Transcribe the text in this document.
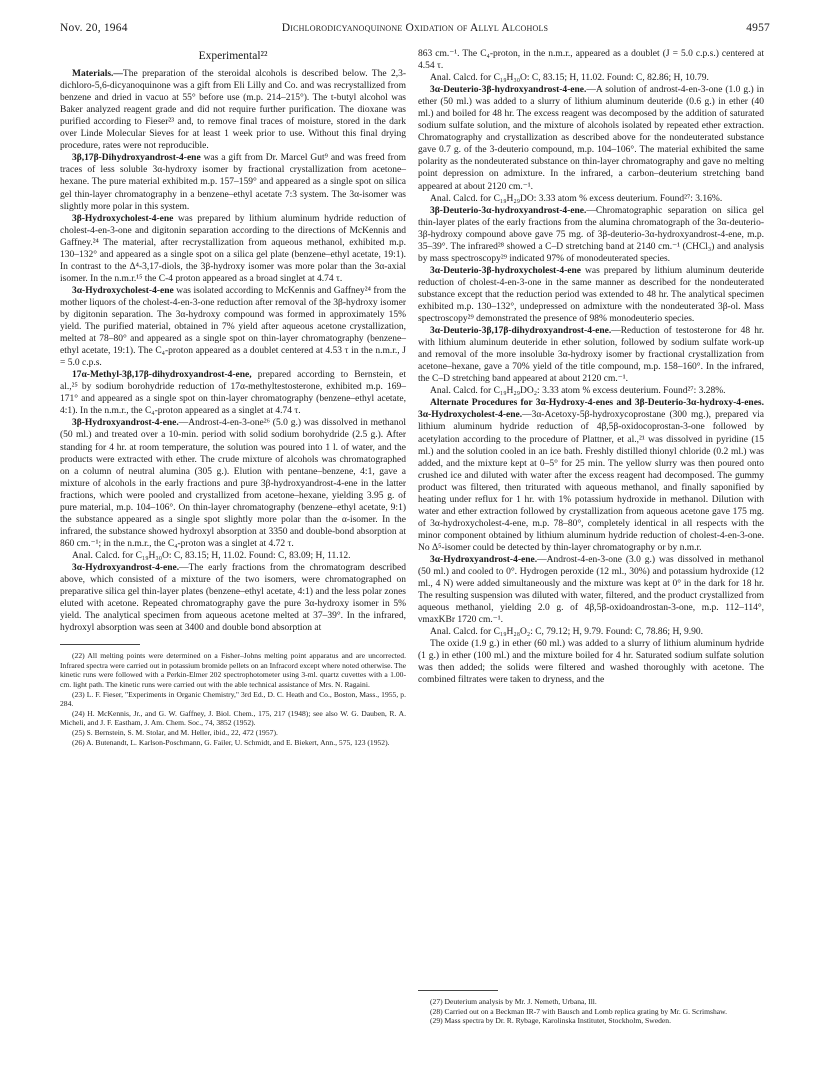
Nov. 20, 1964	Dichlorodicyanoquinone Oxidation of Allyl Alcohols	4957
Experimental²²

Materials.—The preparation of the steroidal alcohols is described below. The 2,3-dichloro-5,6-dicyanoquinone was a gift from Eli Lilly and Co. and was recrystallized from benzene and dried in vacuo at 55° before use (m.p. 214–215°). The t-butyl alcohol was Baker analyzed reagent grade and did not require further purification. The dioxane was purified according to Fieser²³ and, to remove final traces of moisture, stored in the dark over Linde Molecular Sieves for at least 1 week prior to use. Without this final drying procedure, rates were not reproducible.

3β,17β-Dihydroxyandrost-4-ene was a gift from Dr. Marcel Gut⁹ and was freed from traces of less soluble 3α-hydroxy isomer by fractional crystallization from acetone–hexane. The pure material exhibited m.p. 157–159° and appeared as a single spot on silica gel thin-layer chromatography in a benzene–ethyl acetate 7:3 system. The 3α-isomer was slightly more polar in this system.

3β-Hydroxycholest-4-ene was prepared by lithium aluminum hydride reduction of cholest-4-en-3-one and digitonin separation according to the directions of McKennis and Gaffney.²⁴ The material, after recrystallization from aqueous methanol, exhibited m.p. 130–132° and appeared as a single spot on a silica gel plate (benzene–ethyl acetate, 19:1). In contrast to the Δ⁴-3,17-diols, the 3β-hydroxy isomer was more polar than the 3α-axial isomer. In the n.m.r.¹⁵ the C-4 proton appeared as a broad singlet at 4.74 τ.

3α-Hydroxycholest-4-ene was isolated according to McKennis and Gaffney²⁴ from the mother liquors of the cholest-4-en-3-one reduction after removal of the 3β-hydroxy isomer by digitonin separation. The 3α-hydroxy compound was formed in approximately 15% yield. The purified material, obtained in 7% yield after aqueous acetone crystallization, melted at 78–80° and appeared as a single spot on thin-layer chromatography (benzene–ethyl acetate, 19:1). The C₄-proton appeared as a doublet centered at 4.53 τ in the n.m.r., J = 5.0 c.p.s.

17α-Methyl-3β,17β-dihydroxyandrost-4-ene, prepared according to Bernstein, et al.,²⁵ by sodium borohydride reduction of 17α-methyltestosterone, exhibited m.p. 169–171° and appeared as a single spot on thin-layer chromatography (benzene–ethyl acetate, 4:1). In the n.m.r., the C₄-proton appeared as a singlet at 4.74 τ.

3β-Hydroxyandrost-4-ene.—Androst-4-en-3-one²⁶ (5.0 g.) was dissolved in methanol (50 ml.) and treated over a 10-min. period with solid sodium borohydride (2.5 g.). After standing for 4 hr. at room temperature, the solution was poured into 1 l. of water, and the products were extracted with ether. The crude mixture of alcohols was chromatographed on a column of neutral alumina (305 g.). Elution with pentane–benzene, 4:1, gave a mixture of alcohols in the early fractions and pure 3β-hydroxyandrost-4-ene in the latter fractions, which were pooled and crystallized from acetone–hexane, yielding 3.95 g. of pure material, m.p. 104–106°. On thin-layer chromatography (benzene–ethyl acetate, 9:1) the substance appeared as a single spot slightly more polar than the α-isomer. In the infrared, the substance showed hydroxyl absorption at 3350 and double-bond absorption at 860 cm.⁻¹; in the n.m.r., the C₄-proton was a singlet at 4.72 τ.

Anal. Calcd. for C₁₉H₃₀O: C, 83.15; H, 11.02. Found: C, 83.09; H, 11.12.

3α-Hydroxyandrost-4-ene.—The early fractions from the chromatogram described above, which consisted of a mixture of the two isomers, were chromatographed on preparative silica gel thin-layer plates (benzene–ethyl acetate, 4:1) and the less polar zones eluted with acetone. Repeated chromatography gave the pure 3α-hydroxy isomer in 5% yield. The analytical specimen from aqueous acetone melted at 37–39°. In the infrared, hydroxyl absorption was seen at 3400 and double bond absorption at

(22) All melting points were determined on a Fisher–Johns melting point apparatus and are uncorrected. Infrared spectra were carried out in potassium bromide pellets on an Infracord except where noted otherwise. The kinetic runs were followed with a Perkin-Elmer 202 spectrophotometer using 3-ml. quartz cuvettes with a 1.00-cm. light path. The kinetic runs were carried out with the able technical assistance of Mrs. N. Ragaini.

(23) L. F. Fieser, "Experiments in Organic Chemistry," 3rd Ed., D. C. Heath and Co., Boston, Mass., 1955, p. 284.

(24) H. McKennis, Jr., and G. W. Gaffney, J. Biol. Chem., 175, 217 (1948); see also W. G. Dauben, R. A. Micheli, and J. F. Eastham, J. Am. Chem. Soc., 74, 3852 (1952).

(25) S. Bernstein, S. M. Stolar, and M. Heller, ibid., 22, 472 (1957).

(26) A. Butenandt, L. Karlson-Poschmann, G. Failer, U. Schmidt, and E. Biekert, Ann., 575, 123 (1952).

863 cm.⁻¹. The C₄-proton, in the n.m.r., appeared as a doublet (J = 5.0 c.p.s.) centered at 4.54 τ.

Anal. Calcd. for C₁₉H₃₀O: C, 83.15; H, 11.02. Found: C, 82.86; H, 10.79.

3α-Deuterio-3β-hydroxyandrost-4-ene.—A solution of androst-4-en-3-one (1.0 g.) in ether (50 ml.) was added to a slurry of lithium aluminum deuteride (0.6 g.) in ether (40 ml.) and boiled for 48 hr. The excess reagent was decomposed by the addition of saturated sodium sulfate solution, and the mixture of alcohols isolated by repeated ether extraction. Chromatography and crystallization as described above for the nondeuterated substance gave 0.7 g. of the 3-deuterio compound, m.p. 104–106°. The material exhibited the same polarity as the nondeuterated substance on thin-layer chromatography and gave no melting point depression on admixture. In the infrared, a carbon–deuterium stretching band appeared at about 2120 cm.⁻¹.

Anal. Calcd. for C₁₉H₂₉DO: 3.33 atom % excess deuterium. Found²⁷: 3.16%.

3β-Deuterio-3α-hydroxyandrost-4-ene.—Chromatographic separation on silica gel thin-layer plates of the early fractions from the alumina chromatograph of the 3α-deuterio-3β-hydroxy compound above gave 75 mg. of 3β-deuterio-3α-hydroxyandrost-4-ene, m.p. 35–39°. The infrared²⁸ showed a C–D stretching band at 2140 cm.⁻¹ (CHCl₃) and analysis by mass spectroscopy²⁹ indicated 97% of monodeuterated species.

3α-Deuterio-3β-hydroxycholest-4-ene was prepared by lithium aluminum deuteride reduction of cholest-4-en-3-one in the same manner as described for the nondeuterated substance except that the reduction period was extended to 48 hr. The analytical specimen exhibited m.p. 130–132°, undepressed on admixture with the nondeuterated 3β-ol. Mass spectroscopy²⁹ demonstrated the presence of 98% monodeuterio species.

3α-Deuterio-3β,17β-dihydroxyandrost-4-ene.—Reduction of testosterone for 48 hr. with lithium aluminum deuteride in ether solution, followed by sodium sulfate work-up and removal of the more insoluble 3α-hydroxy isomer by fractional crystallization from acetone–hexane, gave a 70% yield of the title compound, m.p. 158–160°. In the infrared, the C–D stretching band appeared at about 2120 cm.⁻¹.

Anal. Calcd. for C₁₉H₂₉DO₂: 3.33 atom % excess deuterium. Found²⁷: 3.28%.

Alternate Procedures for 3α-Hydroxy-4-enes and 3β-Deuterio-3α-hydroxy-4-enes. 3α-Hydroxycholest-4-ene.—3α-Acetoxy-5β-hydroxycoprostane (300 mg.), prepared via lithium aluminum hydride reduction of 4β,5β-oxidocoprostan-3-one followed by acetylation according to the procedure of Plattner, et al.,²¹ was dissolved in pyridine (15 ml.) and the solution cooled in an ice bath. Freshly distilled thionyl chloride (0.2 ml.) was added, and the mixture kept at 0–5° for 25 min. The yellow slurry was then poured onto crushed ice and diluted with water after the excess reagent had decomposed. The gummy product was filtered, then triturated with aqueous methanol, and finally saponified by heating under reflux for 1 hr. with 1% potassium hydroxide in methanol. Dilution with water and ether extraction followed by crystallization from aqueous acetone gave 175 mg. of 3α-hydroxycholest-4-ene, m.p. 78–80°, completely identical in all respects with the minor component obtained by lithium aluminum hydride reduction of cholest-4-en-3-one. No Δ⁵-isomer could be detected by thin-layer chromatography or by n.m.r.

3α-Hydroxyandrost-4-ene.—Androst-4-en-3-one (3.0 g.) was dissolved in methanol (50 ml.) and cooled to 0°. Hydrogen peroxide (12 ml., 30%) and potassium hydroxide (12 ml., 4 N) were added simultaneously and the mixture was kept at 0° in the dark for 18 hr. The resulting suspension was diluted with water, filtered, and the product crystallized from aqueous methanol, yielding 2.0 g. of 4β,5β-oxidoandrostan-3-one, m.p. 112–114°, νmaxKBr 1720 cm.⁻¹.

Anal. Calcd. for C₁₉H₂₈O₂: C, 79.12; H, 9.79. Found: C, 78.86; H, 9.90.

The oxide (1.9 g.) in ether (60 ml.) was added to a slurry of lithium aluminum hydride (1 g.) in ether (100 ml.) and the mixture boiled for 4 hr. Saturated sodium sulfate solution was then added; the solids were filtered and washed thoroughly with acetone. The combined filtrates were taken to dryness, and the

(27) Deuterium analysis by Mr. J. Nemeth, Urbana, Ill.

(28) Carried out on a Beckman IR-7 with Bausch and Lomb replica grating by Mr. G. Scrimshaw.

(29) Mass spectra by Dr. R. Rybage, Karolinska Institutet, Stockholm, Sweden.
